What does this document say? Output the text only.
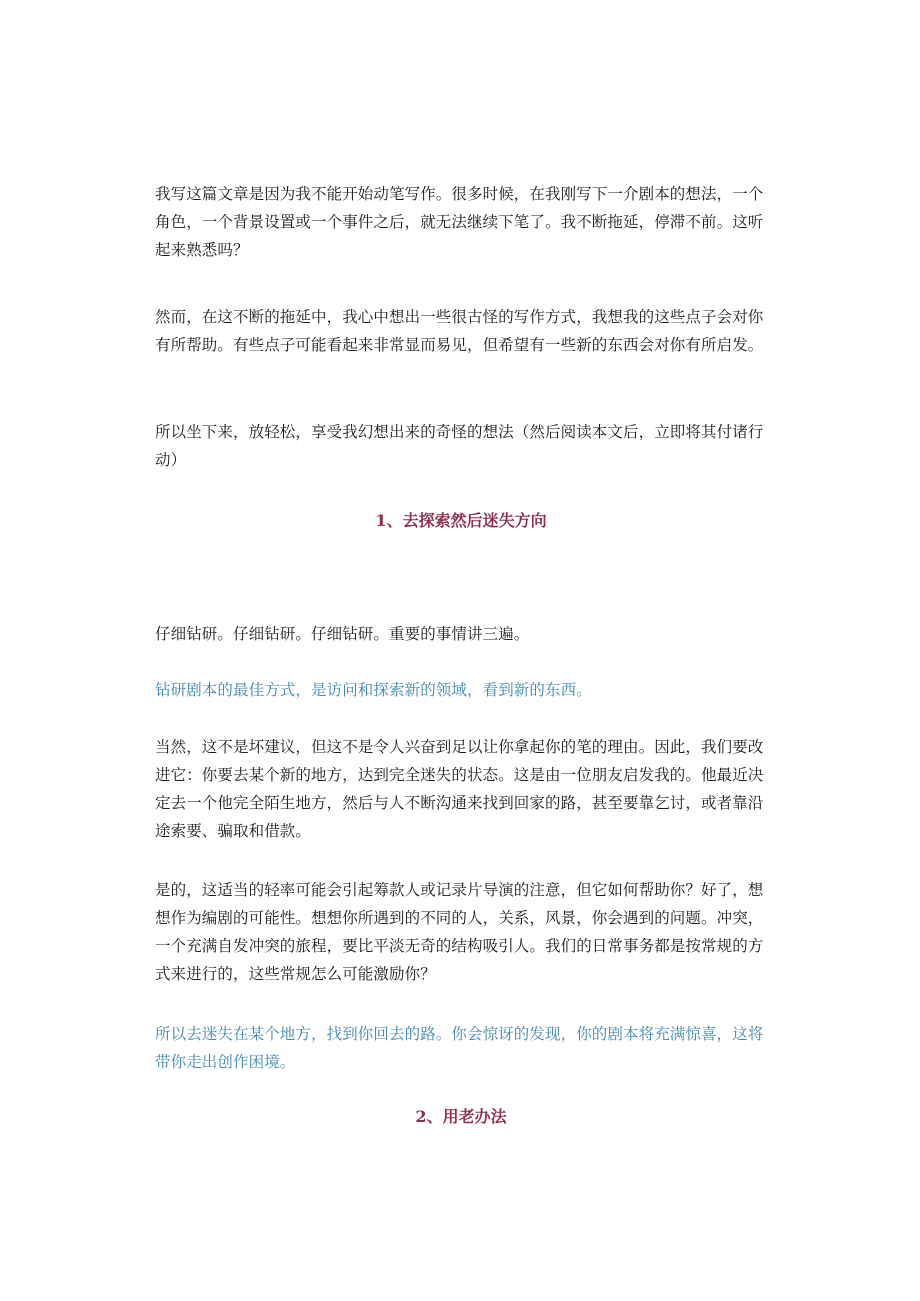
我写这篇文章是因为我不能开始动笔写作。很多时候，在我刚写下一介剧本的想法，一个角色，一个背景设置或一个事件之后，就无法继续下笔了。我不断拖延，停滞不前。这听起来熟悉吗？

然而，在这不断的拖延中，我心中想出一些很古怪的写作方式，我想我的这些点子会对你有所帮助。有些点子可能看起来非常显而易见，但希望有一些新的东西会对你有所启发。

所以坐下来，放轻松，享受我幻想出来的奇怪的想法（然后阅读本文后，立即将其付诸行动）

1、去探索然后迷失方向

仔细钻研。仔细钻研。仔细钻研。重要的事情讲三遍。

钻研剧本的最佳方式，是访问和探索新的领域，看到新的东西。

当然，这不是坏建议，但这不是令人兴奋到足以让你拿起你的笔的理由。因此，我们要改进它：你要去某个新的地方，达到完全迷失的状态。这是由一位朋友启发我的。他最近决定去一个他完全陌生地方，然后与人不断沟通来找到回家的路，甚至要靠乞讨，或者靠沿途索要、骗取和借款。

是的，这适当的轻率可能会引起筹款人或记录片导演的注意，但它如何帮助你？好了，想想作为编剧的可能性。想想你所遇到的不同的人，关系，风景，你会遇到的问题。冲突，一个充满自发冲突的旅程，要比平淡无奇的结构吸引人。我们的日常事务都是按常规的方式来进行的，这些常规怎么可能激励你？

所以去迷失在某个地方，找到你回去的路。你会惊讶的发现，你的剧本将充满惊喜，这将带你走出创作困境。

2、用老办法
